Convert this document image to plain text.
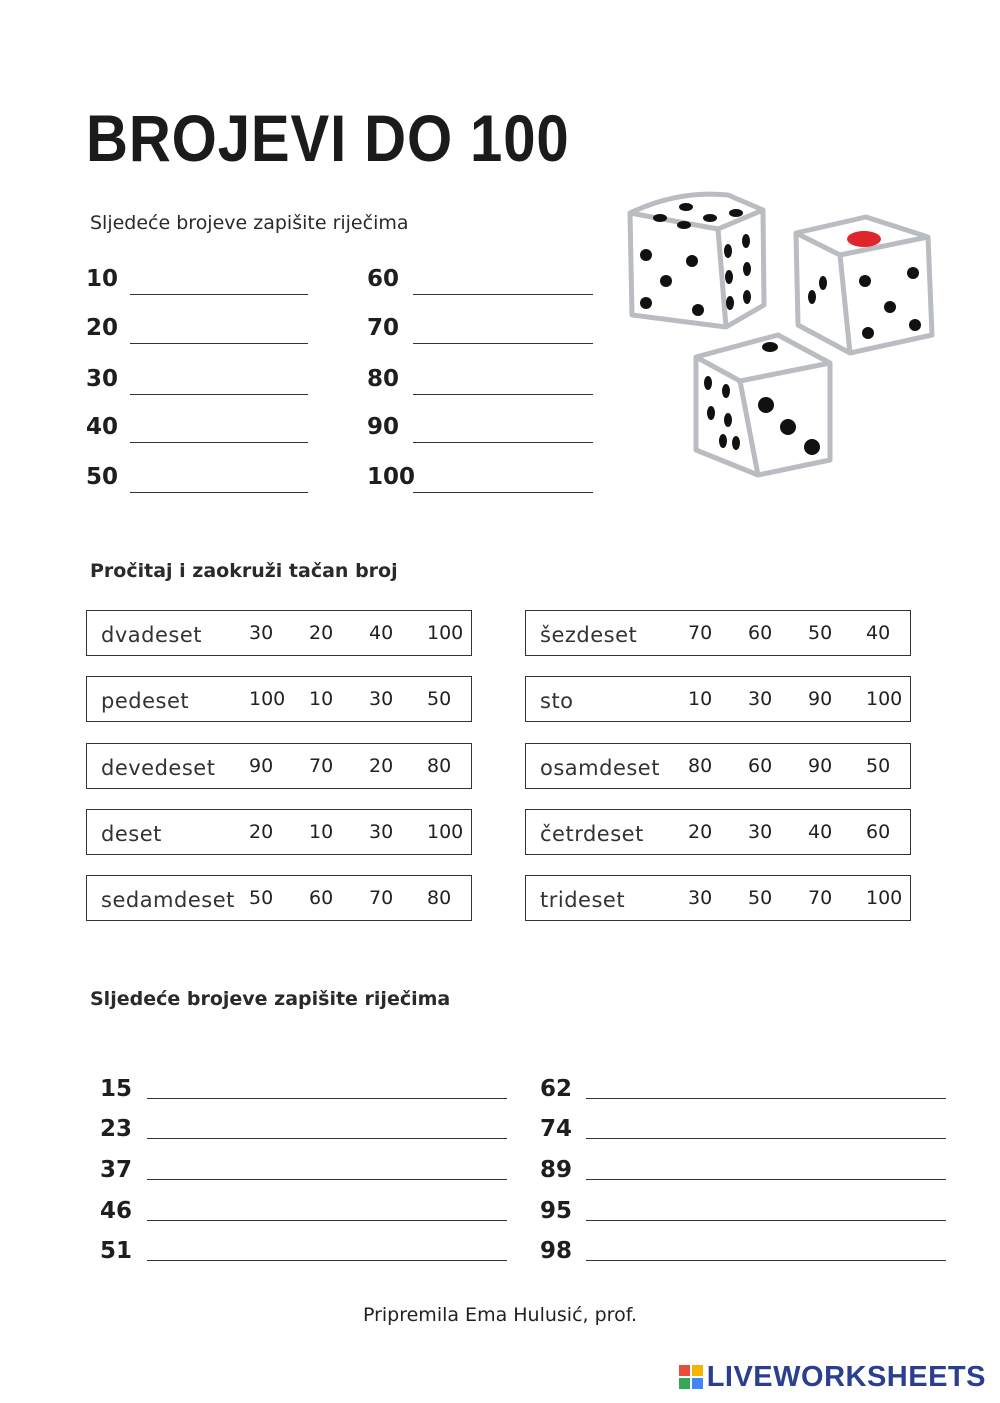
BROJEVI DO 100
Sljedeće brojeve zapišite riječima
10
20
30
40
50
60
70
80
90
100
Pročitaj i zaokruži tačan broj
dvadeset 30 20 40 100
pedeset	100 10 30 50
devedeset 90 70 20 80
deset	20 10 30 100
sedamdeset 50 60 70 80
šezdeset	70 60 50 40
sto	10 30 90 100
osamdeset 80 60 90 50
četrdeset 20 30 40 60
trideset	30 50 70 100
Sljedeće brojeve zapišite riječima
15
23
37
46
51
62
74
89
95
98
Pripremila Ema Hulusić, prof.
LIVEWORKSHEETS
